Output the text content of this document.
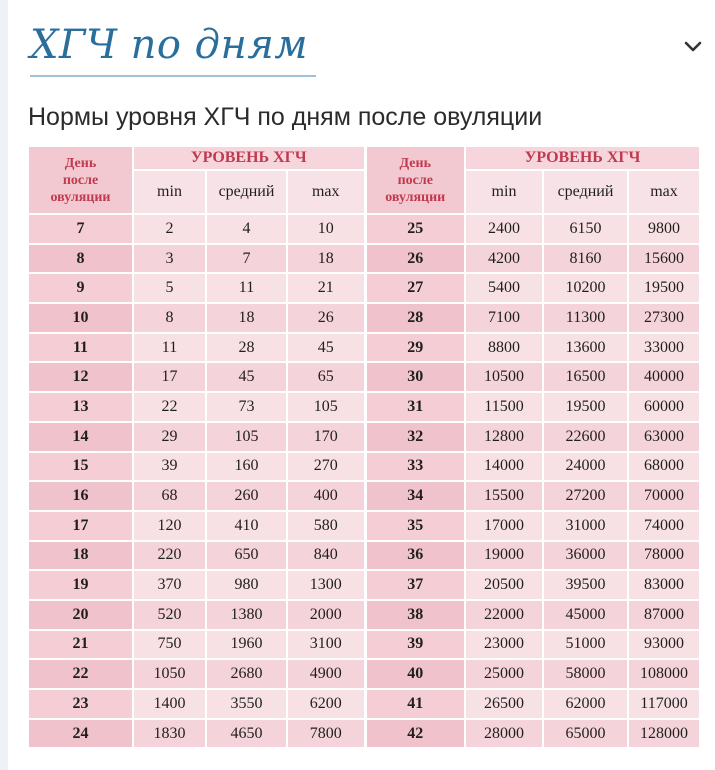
ХГЧ по дням
Нормы уровня ХГЧ по дням после овуляции
День
после
овуляции	УРОВЕНЬ ХГЧ			День
после
овуляции	УРОВЕНЬ ХГЧ		
	min	средний	max		min	средний	max
7	2	4	10	25	2400	6150	9800
8	3	7	18	26	4200	8160	15600
9	5	11	21	27	5400	10200	19500
10	8	18	26	28	7100	11300	27300
11	11	28	45	29	8800	13600	33000
12	17	45	65	30	10500	16500	40000
13	22	73	105	31	11500	19500	60000
14	29	105	170	32	12800	22600	63000
15	39	160	270	33	14000	24000	68000
16	68	260	400	34	15500	27200	70000
17	120	410	580	35	17000	31000	74000
18	220	650	840	36	19000	36000	78000
19	370	980	1300	37	20500	39500	83000
20	520	1380	2000	38	22000	45000	87000
21	750	1960	3100	39	23000	51000	93000
22	1050	2680	4900	40	25000	58000	108000
23	1400	3550	6200	41	26500	62000	117000
24	1830	4650	7800	42	28000	65000	128000
